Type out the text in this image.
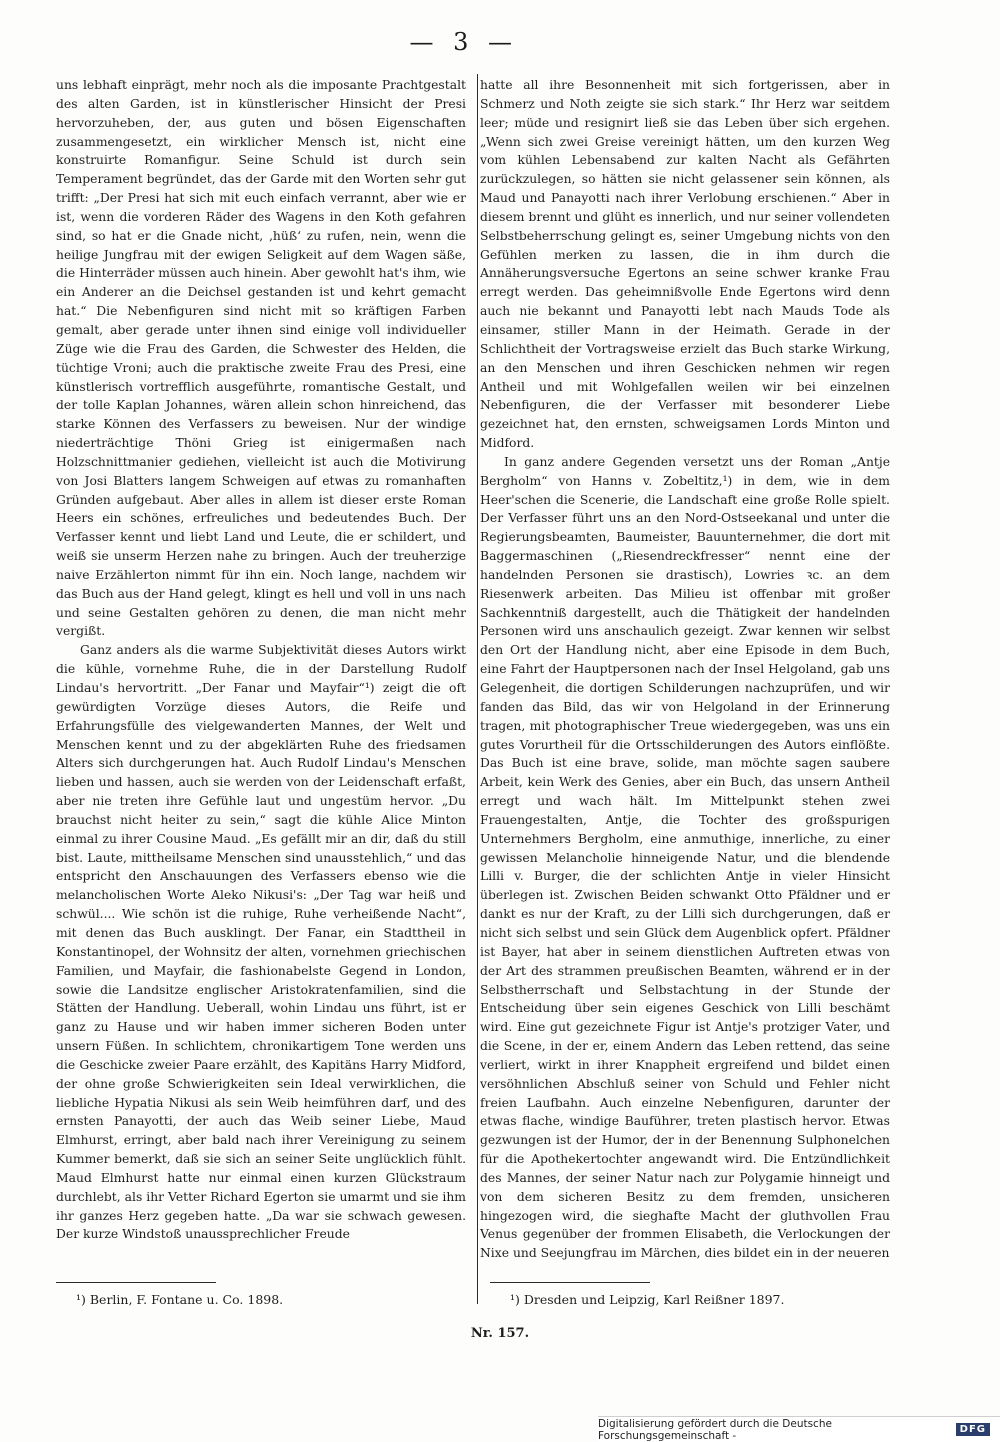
— 3 —

uns lebhaft einprägt, mehr noch als die imposante Prachtgestalt des alten Garden, ist in künstlerischer Hinsicht der Presi hervorzuheben, der, aus guten und bösen Eigenschaften zusammengesetzt, ein wirklicher Mensch ist, nicht eine konstruirte Romanfigur. Seine Schuld ist durch sein Temperament begründet, das der Garde mit den Worten sehr gut trifft: „Der Presi hat sich mit euch einfach verrannt, aber wie er ist, wenn die vorderen Räder des Wagens in den Koth gefahren sind, so hat er die Gnade nicht, ‚hüß‘ zu rufen, nein, wenn die heilige Jungfrau mit der ewigen Seligkeit auf dem Wagen säße, die Hinterräder müssen auch hinein. Aber gewohlt hat's ihm, wie ein Anderer an die Deichsel gestanden ist und kehrt gemacht hat.“ Die Nebenfiguren sind nicht mit so kräftigen Farben gemalt, aber gerade unter ihnen sind einige voll individueller Züge wie die Frau des Garden, die Schwester des Helden, die tüchtige Vroni; auch die praktische zweite Frau des Presi, eine künstlerisch vortrefflich ausgeführte, romantische Gestalt, und der tolle Kaplan Johannes, wären allein schon hinreichend, das starke Können des Verfassers zu beweisen. Nur der windige niederträchtige Thöni Grieg ist einigermaßen nach Holzschnittmanier gediehen, vielleicht ist auch die Motivirung von Josi Blatters langem Schweigen auf etwas zu romanhaften Gründen aufgebaut. Aber alles in allem ist dieser erste Roman Heers ein schönes, erfreuliches und bedeutendes Buch. Der Verfasser kennt und liebt Land und Leute, die er schildert, und weiß sie unserm Herzen nahe zu bringen. Auch der treuherzige naive Erzählerton nimmt für ihn ein. Noch lange, nachdem wir das Buch aus der Hand gelegt, klingt es hell und voll in uns nach und seine Gestalten gehören zu denen, die man nicht mehr vergißt.

Ganz anders als die warme Subjektivität dieses Autors wirkt die kühle, vornehme Ruhe, die in der Darstellung Rudolf Lindau's hervortritt. „Der Fanar und Mayfair“¹) zeigt die oft gewürdigten Vorzüge dieses Autors, die Reife und Erfahrungsfülle des vielgewanderten Mannes, der Welt und Menschen kennt und zu der abgeklärten Ruhe des friedsamen Alters sich durchgerungen hat. Auch Rudolf Lindau's Menschen lieben und hassen, auch sie werden von der Leidenschaft erfaßt, aber nie treten ihre Gefühle laut und ungestüm hervor. „Du brauchst nicht heiter zu sein,“ sagt die kühle Alice Minton einmal zu ihrer Cousine Maud. „Es gefällt mir an dir, daß du still bist. Laute, mittheilsame Menschen sind unausstehlich,“ und das entspricht den Anschauungen des Verfassers ebenso wie die melancholischen Worte Aleko Nikusi's: „Der Tag war heiß und schwül.... Wie schön ist die ruhige, Ruhe verheißende Nacht“, mit denen das Buch ausklingt. Der Fanar, ein Stadttheil in Konstantinopel, der Wohnsitz der alten, vornehmen griechischen Familien, und Mayfair, die fashionabelste Gegend in London, sowie die Landsitze englischer Aristokratenfamilien, sind die Stätten der Handlung. Ueberall, wohin Lindau uns führt, ist er ganz zu Hause und wir haben immer sicheren Boden unter unsern Füßen. In schlichtem, chronikartigem Tone werden uns die Geschicke zweier Paare erzählt, des Kapitäns Harry Midford, der ohne große Schwierigkeiten sein Ideal verwirklichen, die liebliche Hypatia Nikusi als sein Weib heimführen darf, und des ernsten Panayotti, der auch das Weib seiner Liebe, Maud Elmhurst, erringt, aber bald nach ihrer Vereinigung zu seinem Kummer bemerkt, daß sie sich an seiner Seite unglücklich fühlt. Maud Elmhurst hatte nur einmal einen kurzen Glückstraum durchlebt, als ihr Vetter Richard Egerton sie umarmt und sie ihm ihr ganzes Herz gegeben hatte. „Da war sie schwach gewesen. Der kurze Windstoß unaussprechlicher Freude

hatte all ihre Besonnenheit mit sich fortgerissen, aber in Schmerz und Noth zeigte sie sich stark.“ Ihr Herz war seitdem leer; müde und resignirt ließ sie das Leben über sich ergehen. „Wenn sich zwei Greise vereinigt hätten, um den kurzen Weg vom kühlen Lebensabend zur kalten Nacht als Gefährten zurückzulegen, so hätten sie nicht gelassener sein können, als Maud und Panayotti nach ihrer Verlobung erschienen.“ Aber in diesem brennt und glüht es innerlich, und nur seiner vollendeten Selbstbeherrschung gelingt es, seiner Umgebung nichts von den Gefühlen merken zu lassen, die in ihm durch die Annäherungsversuche Egertons an seine schwer kranke Frau erregt werden. Das geheimnißvolle Ende Egertons wird denn auch nie bekannt und Panayotti lebt nach Mauds Tode als einsamer, stiller Mann in der Heimath. Gerade in der Schlichtheit der Vortragsweise erzielt das Buch starke Wirkung, an den Menschen und ihren Geschicken nehmen wir regen Antheil und mit Wohlgefallen weilen wir bei einzelnen Nebenfiguren, die der Verfasser mit besonderer Liebe gezeichnet hat, den ernsten, schweigsamen Lords Minton und Midford.

In ganz andere Gegenden versetzt uns der Roman „Antje Bergholm“ von Hanns v. Zobeltitz,¹) in dem, wie in dem Heer'schen die Scenerie, die Landschaft eine große Rolle spielt. Der Verfasser führt uns an den Nord-Ostseekanal und unter die Regierungsbeamten, Baumeister, Bauunternehmer, die dort mit Baggermaschinen („Riesendreckfresser“ nennt eine der handelnden Personen sie drastisch), Lowries ꝛc. an dem Riesenwerk arbeiten. Das Milieu ist offenbar mit großer Sachkenntniß dargestellt, auch die Thätigkeit der handelnden Personen wird uns anschaulich gezeigt. Zwar kennen wir selbst den Ort der Handlung nicht, aber eine Episode in dem Buch, eine Fahrt der Hauptpersonen nach der Insel Helgoland, gab uns Gelegenheit, die dortigen Schilderungen nachzuprüfen, und wir fanden das Bild, das wir von Helgoland in der Erinnerung tragen, mit photographischer Treue wiedergegeben, was uns ein gutes Vorurtheil für die Ortsschilderungen des Autors einflößte. Das Buch ist eine brave, solide, man möchte sagen saubere Arbeit, kein Werk des Genies, aber ein Buch, das unsern Antheil erregt und wach hält. Im Mittelpunkt stehen zwei Frauengestalten, Antje, die Tochter des großspurigen Unternehmers Bergholm, eine anmuthige, innerliche, zu einer gewissen Melancholie hinneigende Natur, und die blendende Lilli v. Burger, die der schlichten Antje in vieler Hinsicht überlegen ist. Zwischen Beiden schwankt Otto Pfäldner und er dankt es nur der Kraft, zu der Lilli sich durchgerungen, daß er nicht sich selbst und sein Glück dem Augenblick opfert. Pfäldner ist Bayer, hat aber in seinem dienstlichen Auftreten etwas von der Art des strammen preußischen Beamten, während er in der Selbstherrschaft und Selbstachtung in der Stunde der Entscheidung über sein eigenes Geschick von Lilli beschämt wird. Eine gut gezeichnete Figur ist Antje's protziger Vater, und die Scene, in der er, einem Andern das Leben rettend, das seine verliert, wirkt in ihrer Knappheit ergreifend und bildet einen versöhnlichen Abschluß seiner von Schuld und Fehler nicht freien Laufbahn. Auch einzelne Nebenfiguren, darunter der etwas flache, windige Bauführer, treten plastisch hervor. Etwas gezwungen ist der Humor, der in der Benennung Sulphonelchen für die Apothekertochter angewandt wird. Die Entzündlichkeit des Mannes, der seiner Natur nach zur Polygamie hinneigt und von dem sicheren Besitz zu dem fremden, unsicheren hingezogen wird, die sieghafte Macht der gluthvollen Frau Venus gegenüber der frommen Elisabeth, die Verlockungen der Nixe und Seejungfrau im Märchen, dies bildet ein in der neueren

¹) Berlin, F. Fontane u. Co. 1898.	¹) Dresden und Leipzig, Karl Reißner 1897.
Nr. 157.
Digitalisierung gefördert durch die Deutsche Forschungsgemeinschaft -	DFG
